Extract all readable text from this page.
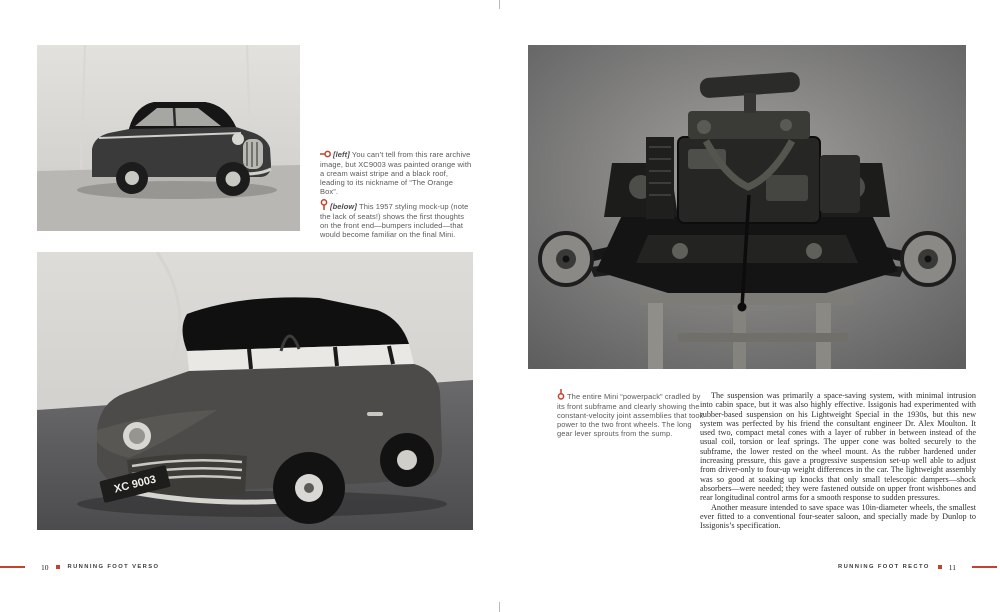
[left] You can’t tell from this rare archive image, but XC9003 was painted orange with a cream waist stripe and a black roof, leading to its nickname of “The Orange Box”.
[below] This 1957 styling mock-up (note the lack of seats!) shows the first thoughts on the front end—bumpers included—that would become familiar on the final Mini.
XC 9003
10	RUNNING FOOT VERSO
The entire Mini “powerpack” cradled by its front subframe and clearly showing the constant-velocity joint assemblies that took power to the two front wheels. The long gear lever sprouts from the sump.

The suspension was primarily a space-saving system, with minimal intrusion into cabin space, but it was also highly effective. Issigonis had experimented with rubber-based suspension on his Lightweight Special in the 1930s, but this new system was perfected by his friend the consultant engineer Dr. Alex Moulton. It used two, compact metal cones with a layer of rubber in between instead of the usual coil, torsion or leaf springs. The upper cone was bolted securely to the subframe, the lower rested on the wheel mount. As the rubber hardened under increasing pressure, this gave a progressive suspension set-up well able to adjust from driver-only to four-up weight differences in the car. The lightweight assembly was so good at soaking up knocks that only small telescopic dampers—shock absorbers—were needed; they were fastened outside on upper front wishbones and rear longitudinal control arms for a smooth response to sudden pressures.

Another measure intended to save space was 10in-diameter wheels, the smallest ever fitted to a conventional four-seater saloon, and specially made by Dunlop to Issigonis’s specification.

RUNNING FOOT RECTO	11
